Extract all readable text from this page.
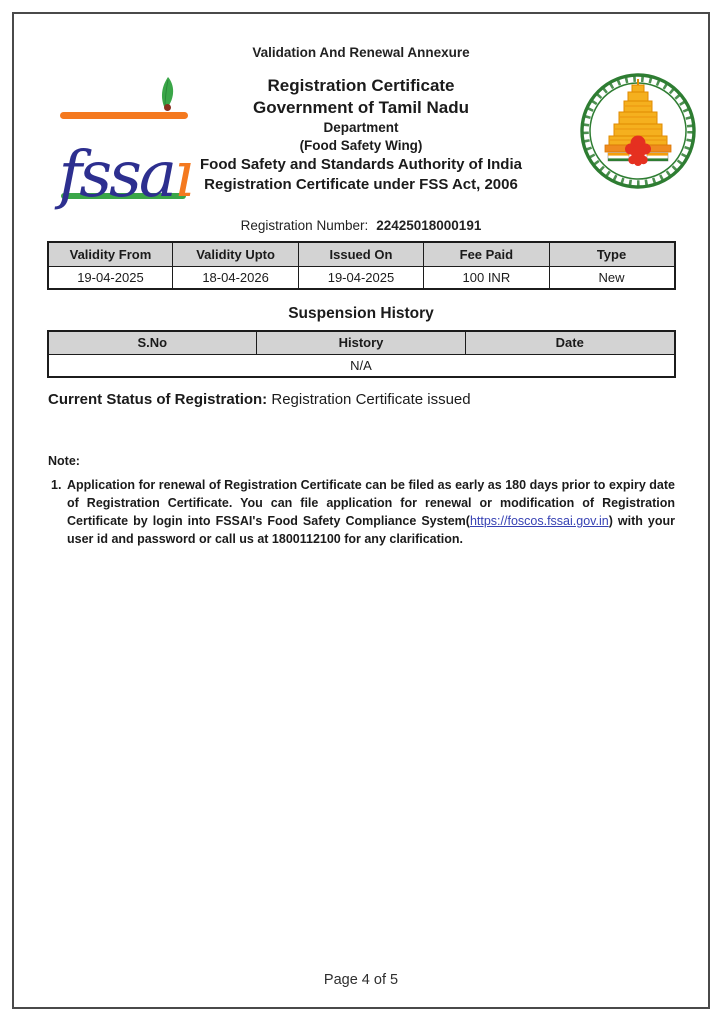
Validation And Renewal Annexure
fssaı
Registration Certificate
Government of Tamil Nadu
Department
(Food Safety Wing)
Food Safety and Standards Authority of India
Registration Certificate under FSS Act, 2006
Registration Number: 22425018000191
Validity From	Validity Upto	Issued On	Fee Paid	Type
19-04-2025	18-04-2026	19-04-2025	100 INR	New
Suspension History
S.No	History	Date
N/A
Current Status of Registration: Registration Certificate issued
Note:
1. Application for renewal of Registration Certificate can be filed as early as 180 days prior to expiry date of Registration Certificate. You can file application for renewal or modification of Registration Certificate by login into FSSAI's Food Safety Compliance System(https://foscos.fssai.gov.in) with your user id and password or call us at 1800112100 for any clarification.
Page 4 of 5
